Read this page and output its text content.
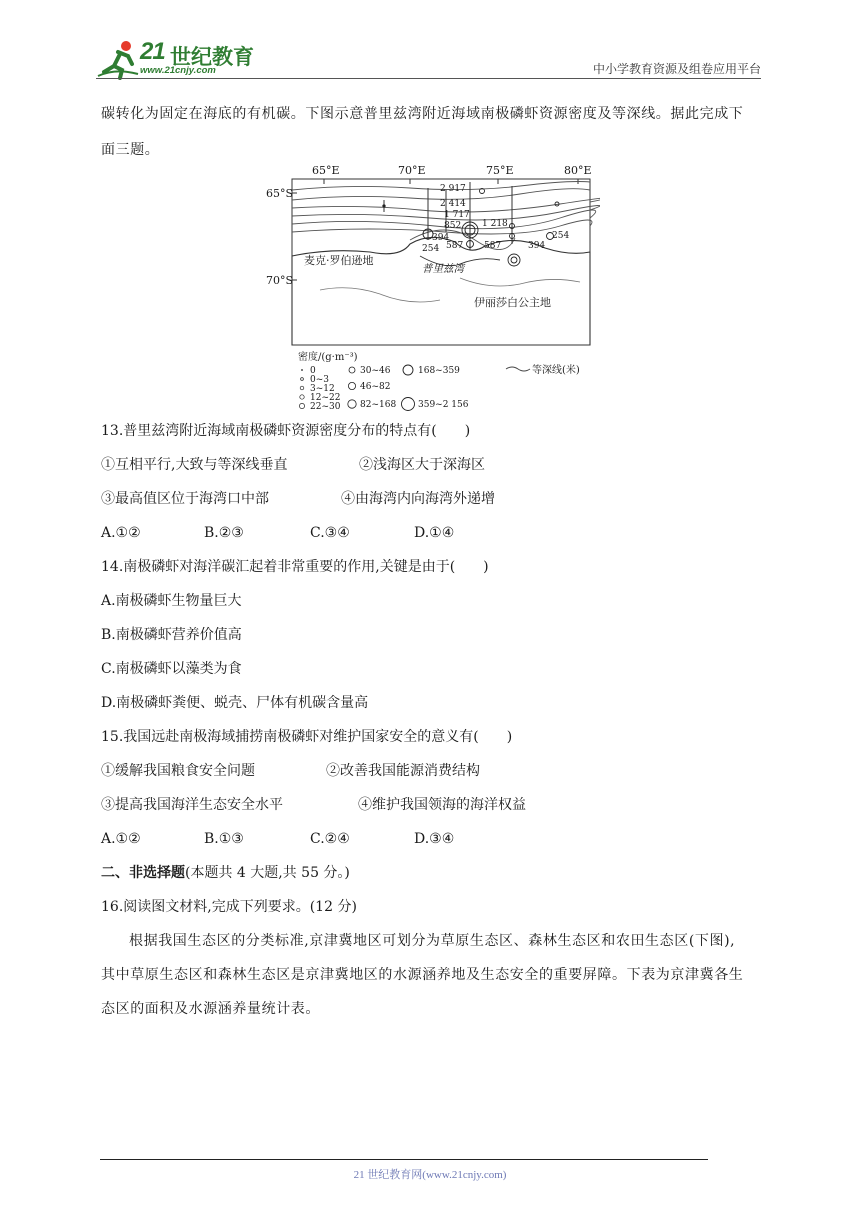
21 世纪教育
www.21cnjy.com	中小学教育资源及组卷应用平台
碳转化为固定在海底的有机碳。下图示意普里兹湾附近海域南极磷虾资源密度及等深线。据此完成下
面三题。
65°E	70°E	75°E	80°E
65°S
70°S
2 917
2 414
1 717
852 1 218
394
254 587 587	394
254
麦克·罗伯逊地
普里兹湾
伊丽莎白公主地
密度/(g·m⁻³)
0
0~3
3~12
12~22
22~30
30~46
46~82
82~168
168~359
359~2 156
等深线(米)
13.普里兹湾附近海域南极磷虾资源密度分布的特点有(　　)
①互相平行,大致与等深线垂直	②浅海区大于深海区
③最高值区位于海湾口中部	④由海湾内向海湾外递增
A.①②	B.②③	C.③④	D.①④
14.南极磷虾对海洋碳汇起着非常重要的作用,关键是由于(　　)
A.南极磷虾生物量巨大
B.南极磷虾营养价值高
C.南极磷虾以藻类为食
D.南极磷虾粪便、蜕壳、尸体有机碳含量高
15.我国远赴南极海域捕捞南极磷虾对维护国家安全的意义有(　　)
①缓解我国粮食安全问题	②改善我国能源消费结构
③提高我国海洋生态安全水平	④维护我国领海的海洋权益
A.①②	B.①③	C.②④	D.③④
二、非选择题(本题共 4 大题,共 55 分。)
16.阅读图文材料,完成下列要求。(12 分)
根据我国生态区的分类标准,京津冀地区可划分为草原生态区、森林生态区和农田生态区(下图),
其中草原生态区和森林生态区是京津冀地区的水源涵养地及生态安全的重要屏障。下表为京津冀各生
态区的面积及水源涵养量统计表。
21 世纪教育网(www.21cnjy.com)
